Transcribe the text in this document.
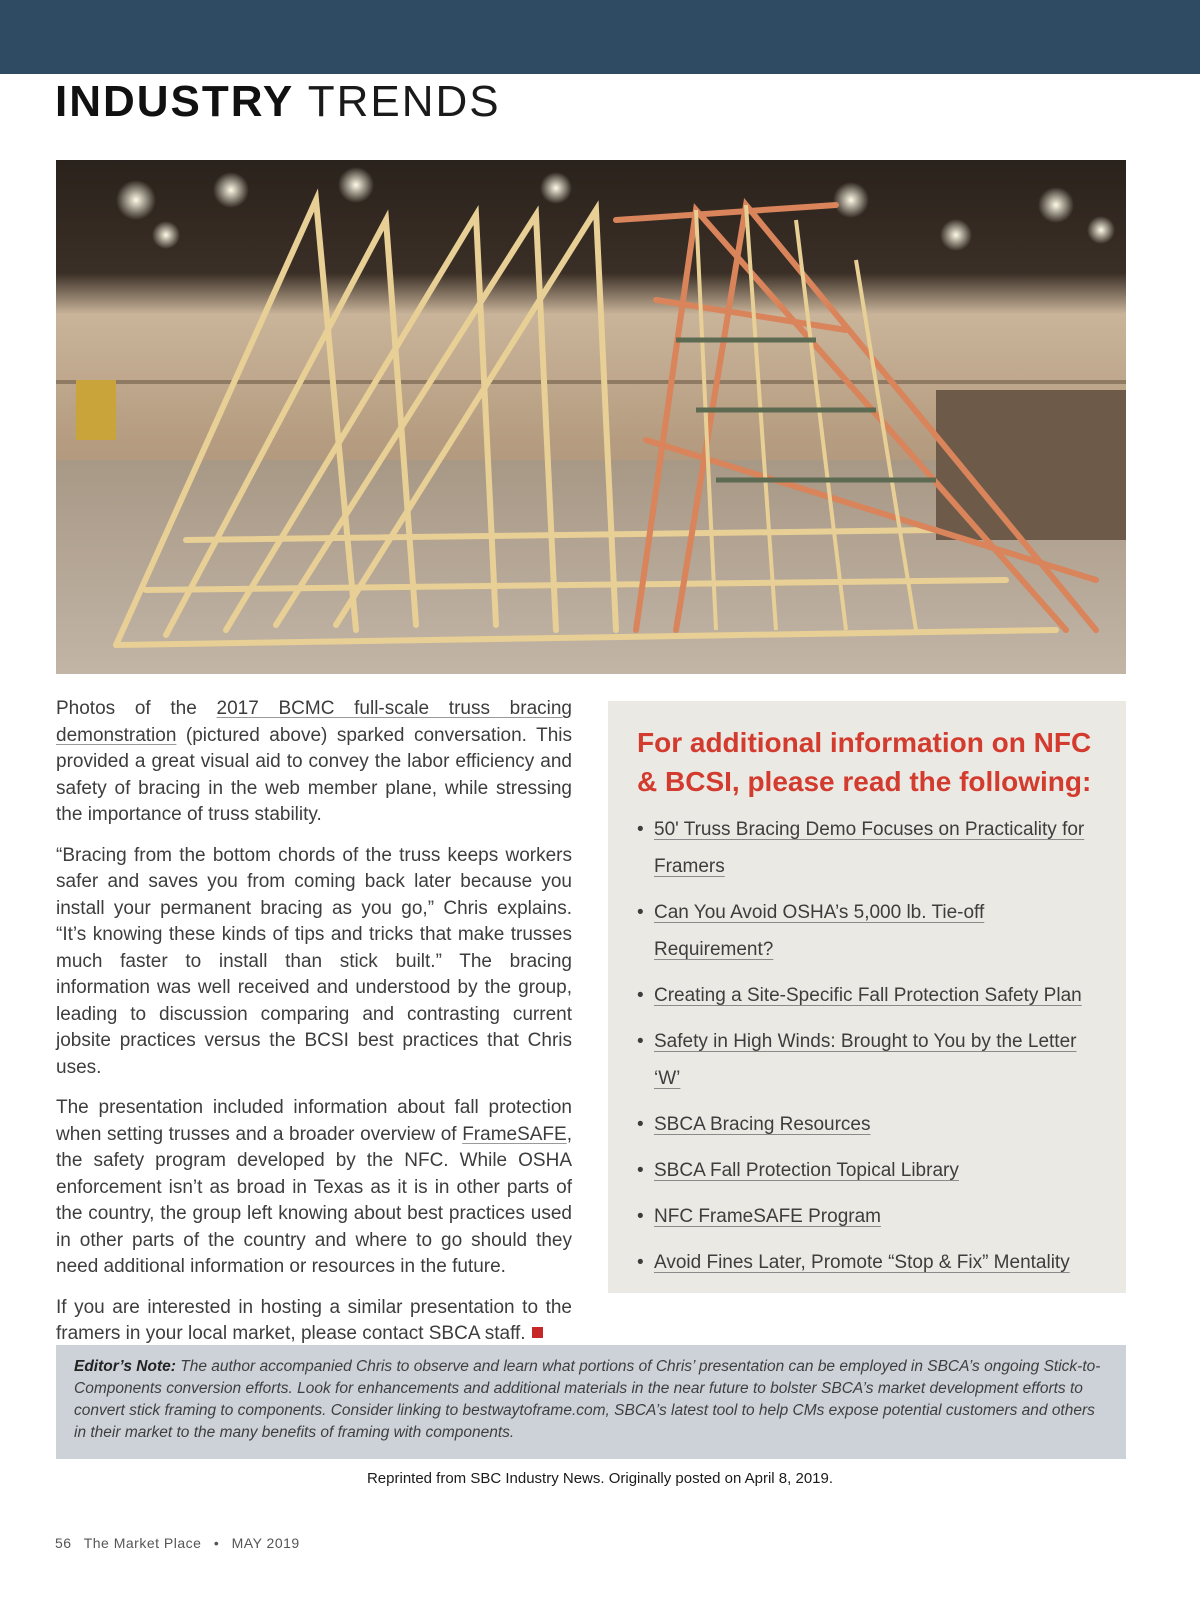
INDUSTRY TRENDS

Photos of the 2017 BCMC full-scale truss bracing demonstration (pictured above) sparked conversation. This provided a great visual aid to convey the labor efficiency and safety of bracing in the web member plane, while stressing the importance of truss stability.

“Bracing from the bottom chords of the truss keeps workers safer and saves you from coming back later because you install your permanent bracing as you go,” Chris explains. “It’s knowing these kinds of tips and tricks that make trusses much faster to install than stick built.” The bracing information was well received and understood by the group, leading to discussion comparing and contrasting current jobsite practices versus the BCSI best practices that Chris uses.

The presentation included information about fall protection when setting trusses and a broader overview of FrameSAFE, the safety program developed by the NFC. While OSHA enforcement isn’t as broad in Texas as it is in other parts of the country, the group left knowing about best practices used in other parts of the country and where to go should they need additional information or resources in the future.

If you are interested in hosting a similar presentation to the framers in your local market, please contact SBCA staff.

For additional information on NFC & BCSI, please read the following:
• 50' Truss Bracing Demo Focuses on Practicality for Framers
• Can You Avoid OSHA’s 5,000 lb. Tie-off Requirement?
• Creating a Site-Specific Fall Protection Safety Plan
• Safety in High Winds: Brought to You by the Letter ‘W’
• SBCA Bracing Resources
• SBCA Fall Protection Topical Library
• NFC FrameSAFE Program
• Avoid Fines Later, Promote “Stop & Fix” Mentality
Editor’s Note: The author accompanied Chris to observe and learn what portions of Chris’ presentation can be employed in SBCA’s ongoing Stick-to-Components conversion efforts. Look for enhancements and additional materials in the near future to bolster SBCA’s market development efforts to convert stick framing to components. Consider linking to bestwaytoframe.com, SBCA’s latest tool to help CMs expose potential customers and others in their market to the many benefits of framing with components.
Reprinted from SBC Industry News. Originally posted on April 8, 2019.
56 The Market Place • MAY 2019
